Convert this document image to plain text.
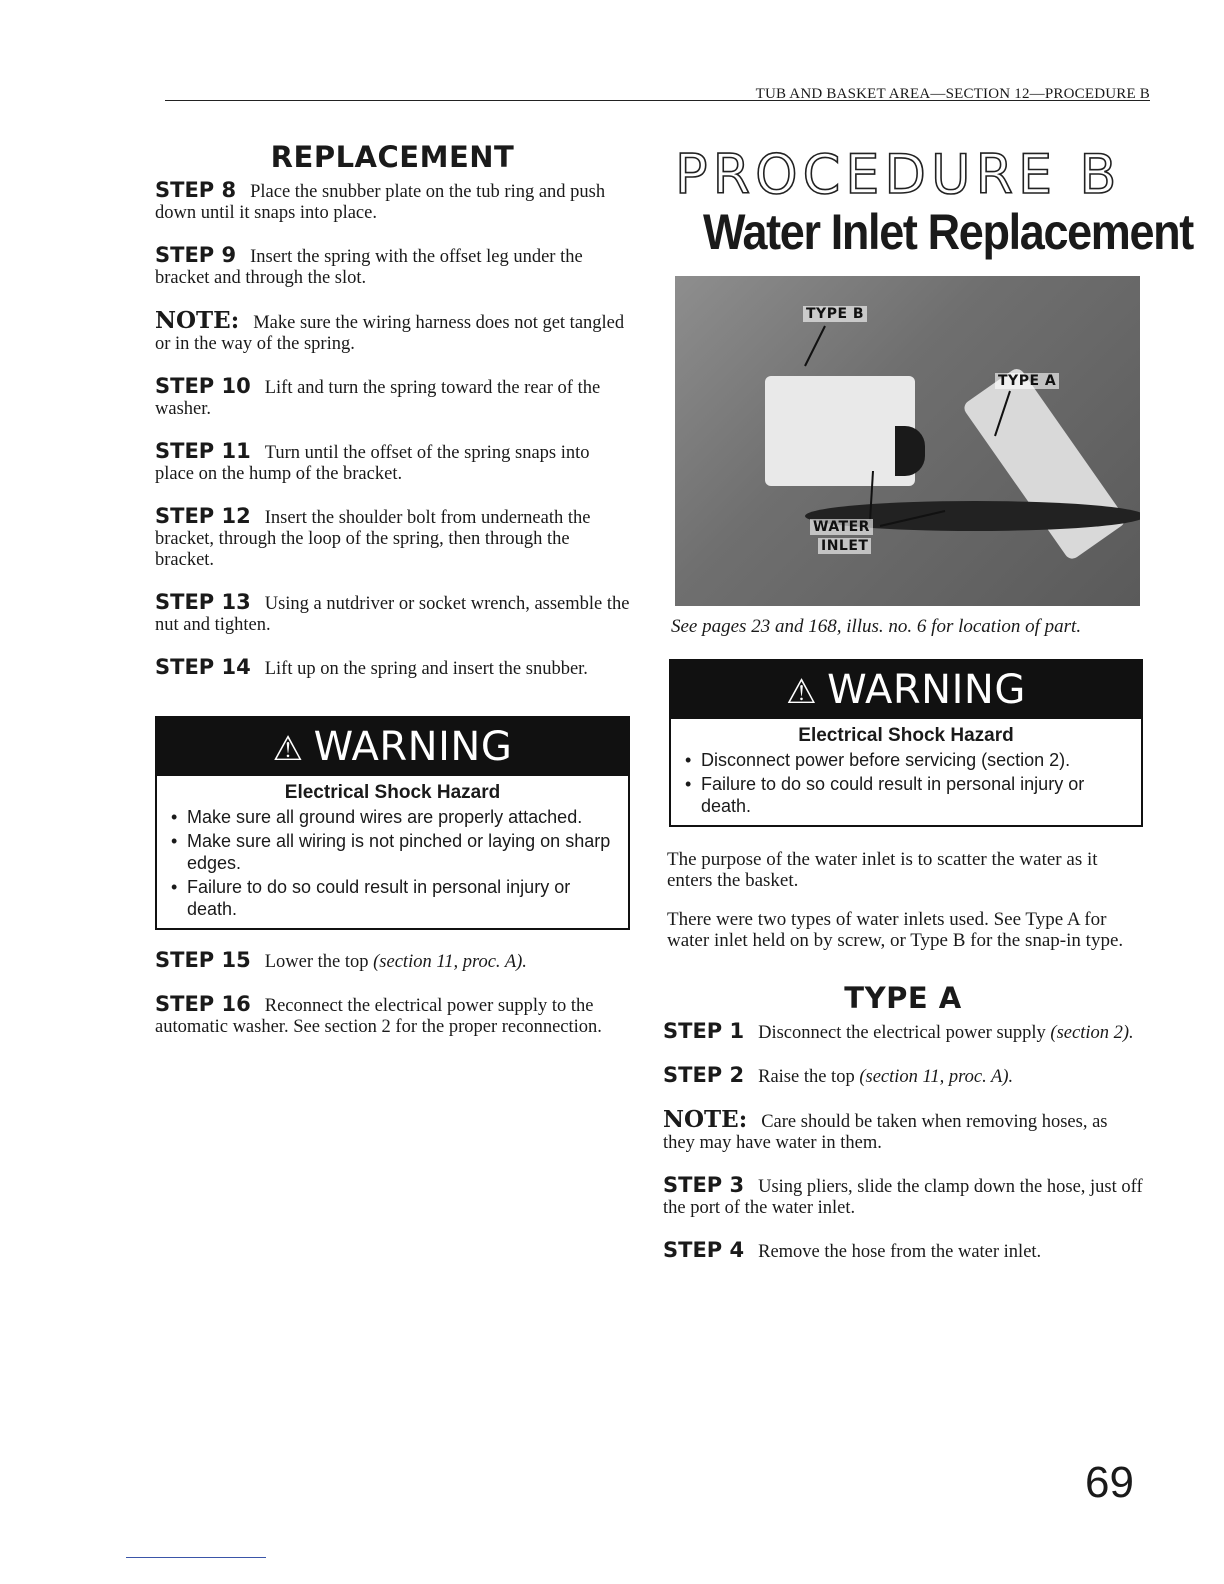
TUB AND BASKET AREA—SECTION 12—PROCEDURE B
REPLACEMENT

STEP 8 Place the snubber plate on the tub ring and push down until it snaps into place.

STEP 9 Insert the spring with the offset leg under the bracket and through the slot.

NOTE: Make sure the wiring harness does not get tangled or in the way of the spring.

STEP 10 Lift and turn the spring toward the rear of the washer.

STEP 11 Turn until the offset of the spring snaps into place on the hump of the bracket.

STEP 12 Insert the shoulder bolt from underneath the bracket, through the loop of the spring, then through the bracket.

STEP 13 Using a nutdriver or socket wrench, assemble the nut and tighten.

STEP 14 Lift up on the spring and insert the snubber.

⚠ WARNING
Electrical Shock Hazard
• Make sure all ground wires are properly attached.
• Make sure all wiring is not pinched or laying on sharp edges.
• Failure to do so could result in personal injury or death.

STEP 15 Lower the top (section 11, proc. A).

STEP 16 Reconnect the electrical power supply to the automatic washer. See section 2 for the proper reconnection.

PROCEDURE B
Water Inlet Replacement
TYPE B
TYPE A
WATER
INLET
See pages 23 and 168, illus. no. 6 for location of part.
⚠ WARNING
Electrical Shock Hazard
• Disconnect power before servicing (section 2).
• Failure to do so could result in personal injury or death.

The purpose of the water inlet is to scatter the water as it enters the basket.

There were two types of water inlets used. See Type A for water inlet held on by screw, or Type B for the snap-in type.

TYPE A

STEP 1 Disconnect the electrical power supply (section 2).

STEP 2 Raise the top (section 11, proc. A).

NOTE: Care should be taken when removing hoses, as they may have water in them.

STEP 3 Using pliers, slide the clamp down the hose, just off the port of the water inlet.

STEP 4 Remove the hose from the water inlet.

69
